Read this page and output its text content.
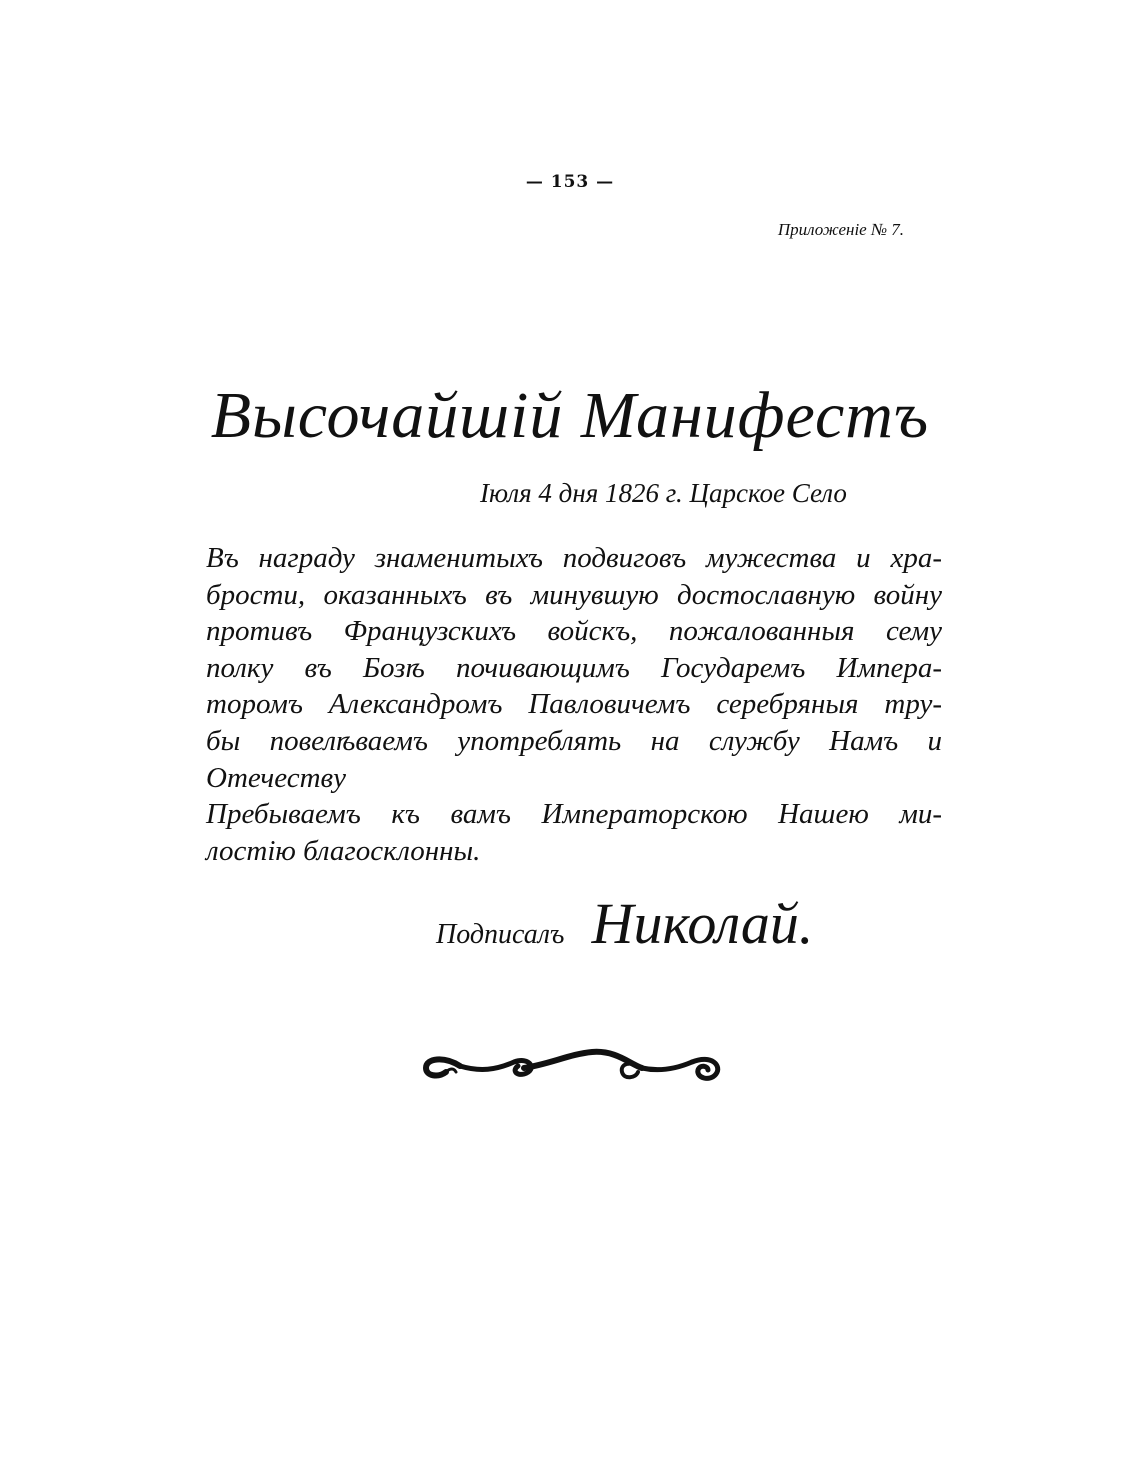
— 153 —
Приложенiе № 7.
Высочайшiй Манифестъ
Iюля 4 дня 1826 г. Царское Село
Въ награду знаменитыхъ подвиговъ мужества и хра-
брости, оказанныхъ въ минувшую достославную войну
противъ Французскихъ войскъ, пожалованныя сему
полку въ Бозѣ почивающимъ Государемъ Импера-
торомъ Александромъ Павловичемъ серебряныя тру-
бы повелѣваемъ употреблять на службу Намъ и
Отечеству
Пребываемъ къ вамъ Императорскою Нашею ми-
лостiю благосклонны.
Подписалъ Николай.
